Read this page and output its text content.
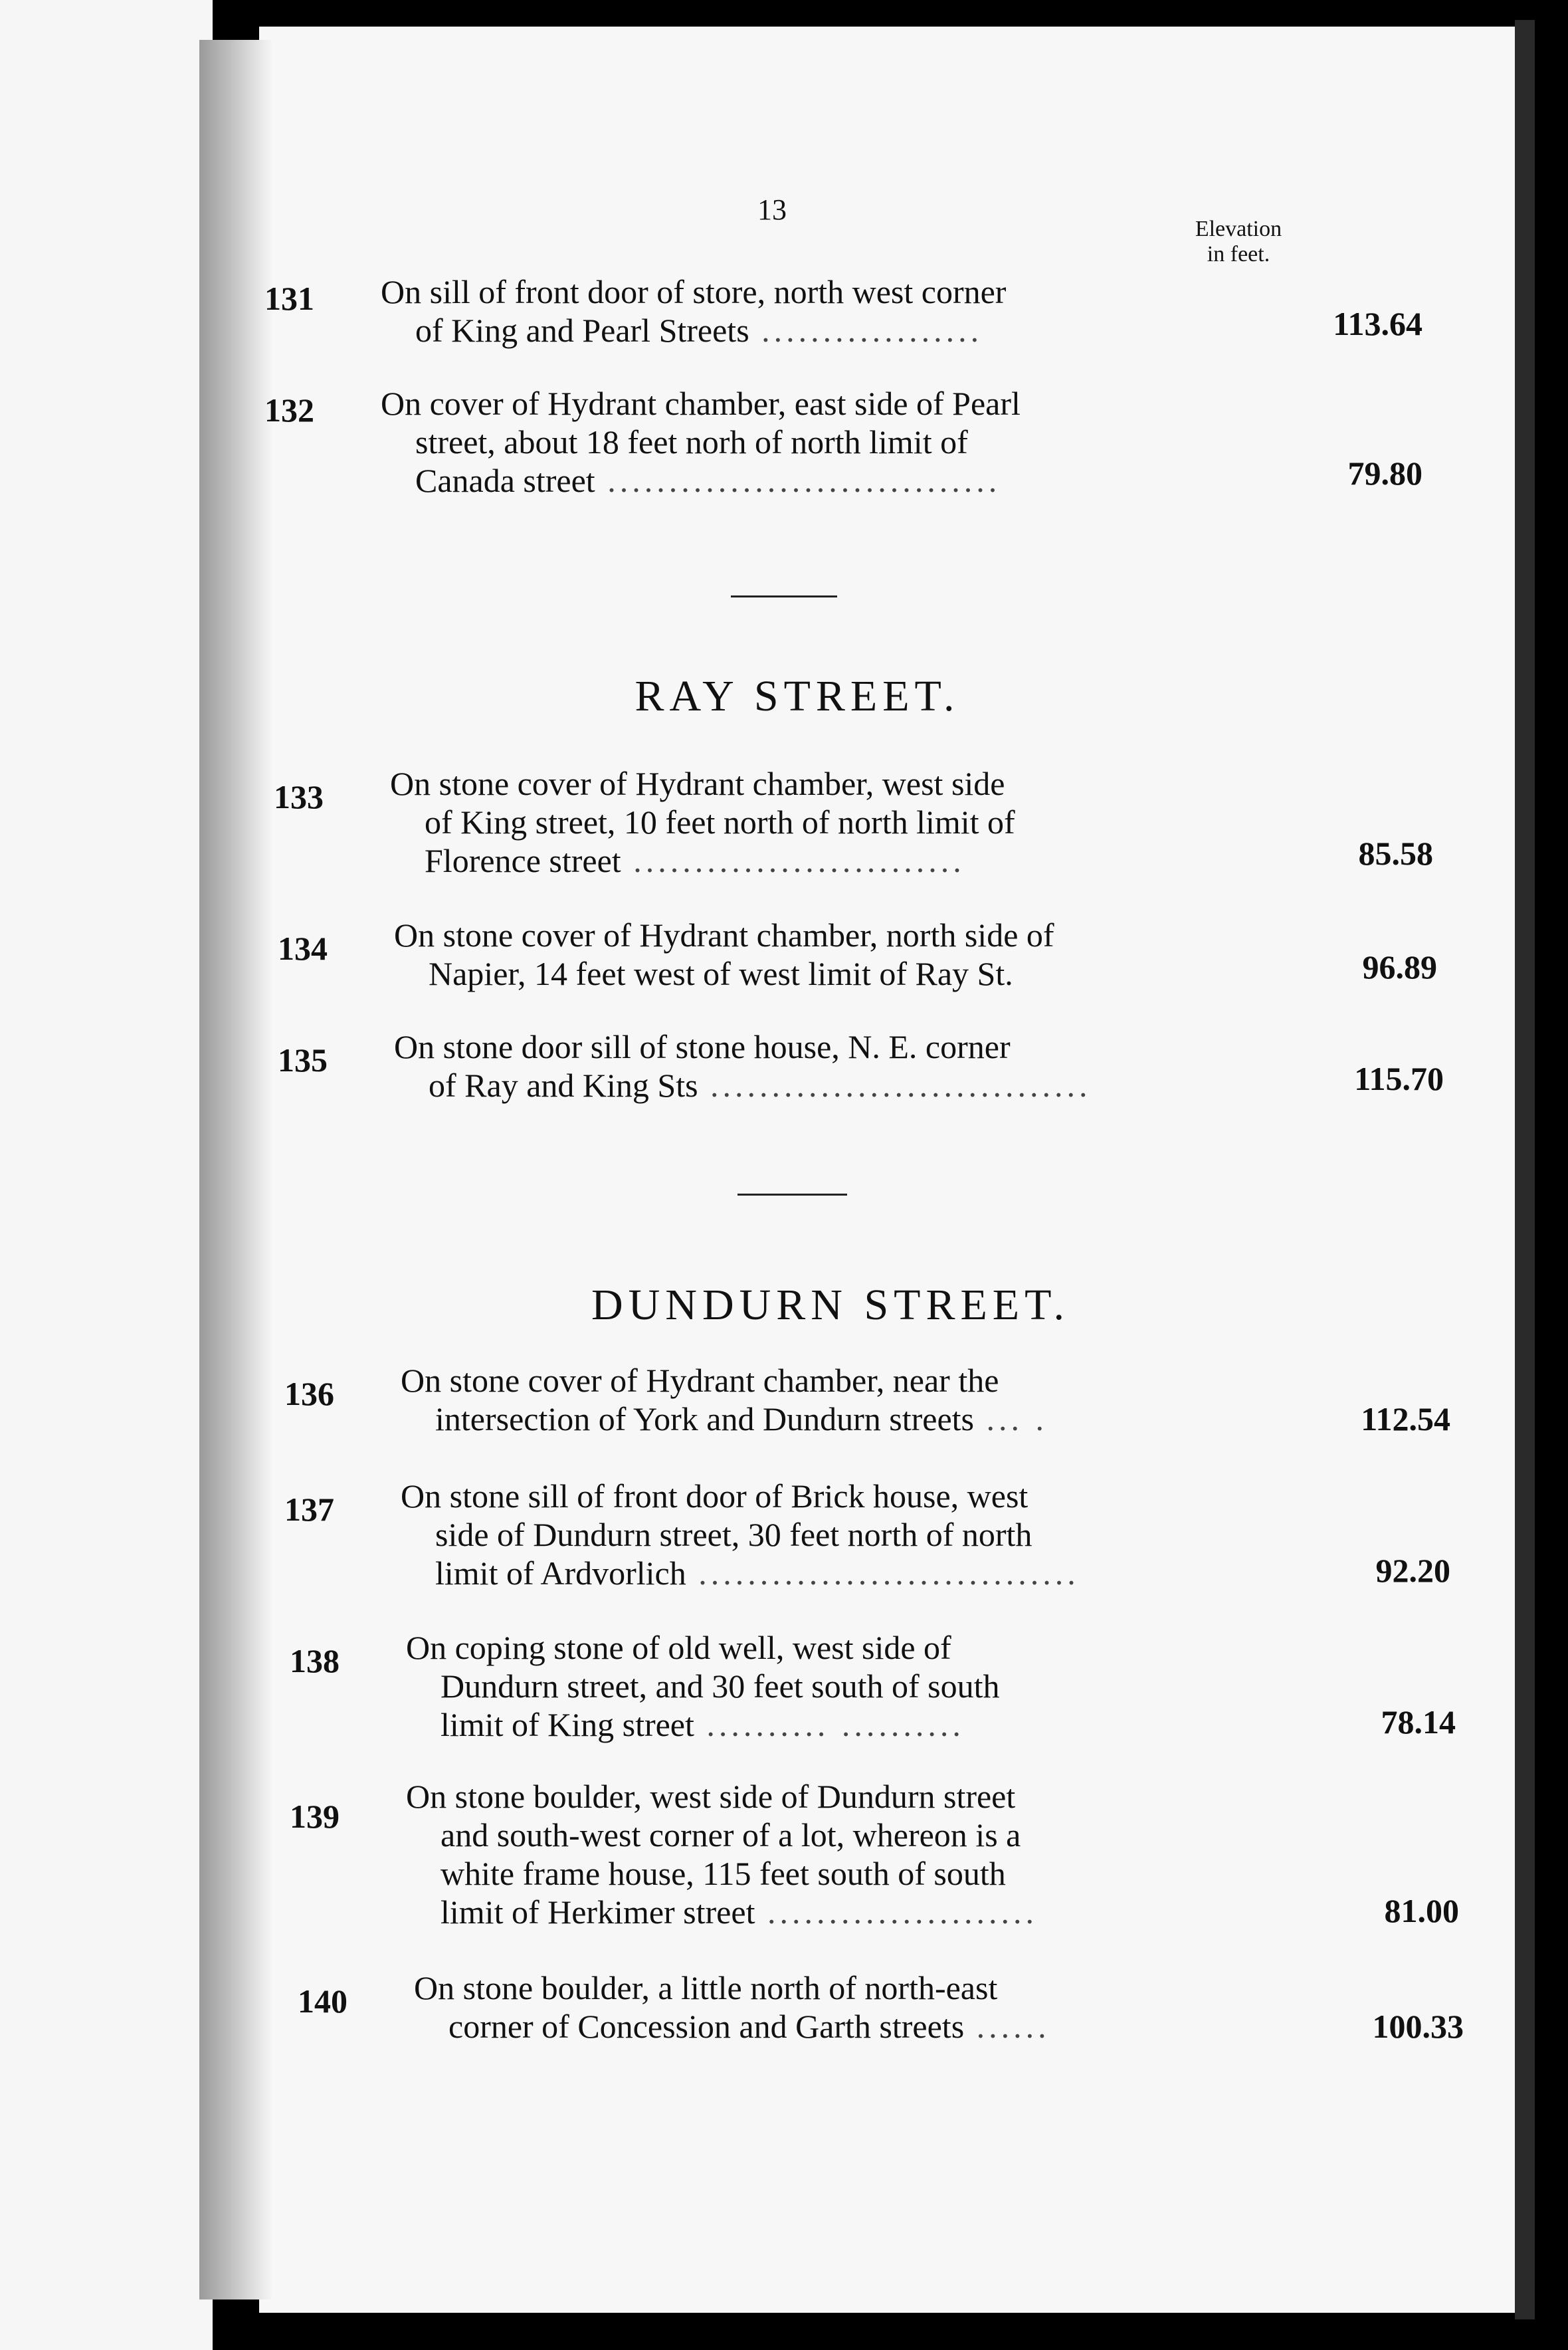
13
Elevation
in feet.
131 On sill of front door of store, north west corner
of King and Pearl Streets ..................	113.64
132 On cover of Hydrant chamber, east side of Pearl
street, about 18 feet norh of north limit of
Canada street ................................	79.80
RAY STREET.
133 On stone cover of Hydrant chamber, west side
of King street, 10 feet north of north limit of
Florence street ...........................	85.58
134 On stone cover of Hydrant chamber, north side of
Napier, 14 feet west of west limit of Ray St.	96.89
135 On stone door sill of stone house, N. E. corner
of Ray and King Sts ...............................	115.70
DUNDURN STREET.
136 On stone cover of Hydrant chamber, near the
intersection of York and Dundurn streets ... .	112.54
137 On stone sill of front door of Brick house, west
side of Dundurn street, 30 feet north of north
limit of Ardvorlich ...............................	92.20
138 On coping stone of old well, west side of
Dundurn street, and 30 feet south of south
limit of King street .......... ..........	78.14
139
On stone boulder, west side of Dundurn street
and south-west corner of a lot, whereon is a
white frame house, 115 feet south of south
limit of Herkimer street ......................	81.00
140 On stone boulder, a little north of north-east
corner of Concession and Garth streets ......	100.33
